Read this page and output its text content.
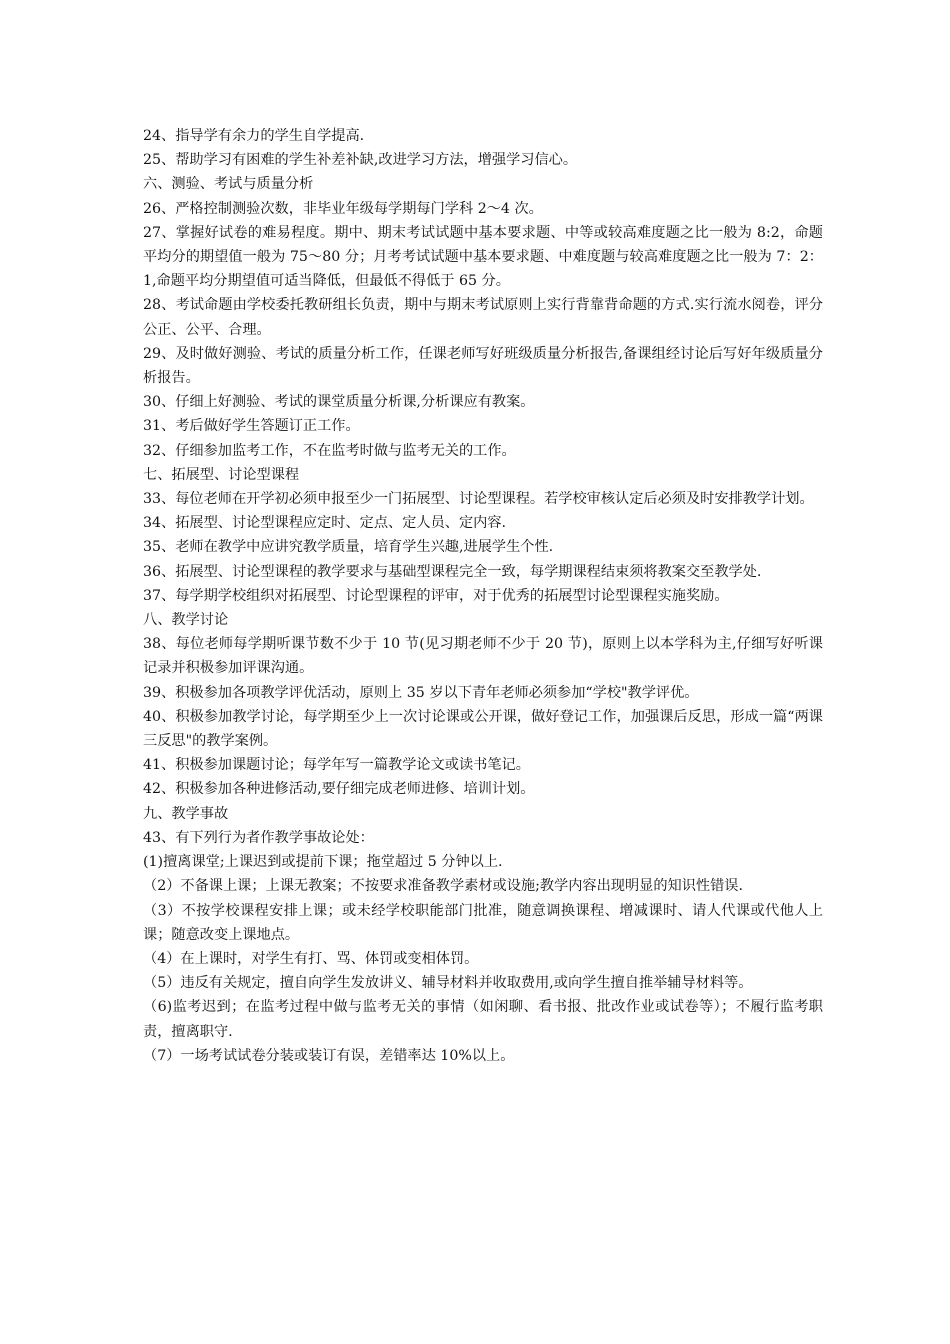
24、指导学有余力的学生自学提高.

25、帮助学习有困难的学生补差补缺,改进学习方法，增强学习信心。

六、测验、考试与质量分析

26、严格控制测验次数，非毕业年级每学期每门学科 2～4 次。

27、掌握好试卷的难易程度。期中、期末考试试题中基本要求题、中等或较高难度题之比一般为 8:2，命题平均分的期望值一般为 75～80 分；月考考试试题中基本要求题、中难度题与较高难度题之比一般为 7：2：1,命题平均分期望值可适当降低，但最低不得低于 65 分。

28、考试命题由学校委托教研组长负责，期中与期末考试原则上实行背靠背命题的方式.实行流水阅卷，评分公正、公平、合理。

29、及时做好测验、考试的质量分析工作，任课老师写好班级质量分析报告,备课组经讨论后写好年级质量分析报告。

30、仔细上好测验、考试的课堂质量分析课,分析课应有教案。

31、考后做好学生答题订正工作。

32、仔细参加监考工作，不在监考时做与监考无关的工作。

七、拓展型、讨论型课程

33、每位老师在开学初必须申报至少一门拓展型、讨论型课程。若学校审核认定后必须及时安排教学计划。

34、拓展型、讨论型课程应定时、定点、定人员、定内容.

35、老师在教学中应讲究教学质量，培育学生兴趣,进展学生个性.

36、拓展型、讨论型课程的教学要求与基础型课程完全一致，每学期课程结束须将教案交至教学处.

37、每学期学校组织对拓展型、讨论型课程的评审，对于优秀的拓展型讨论型课程实施奖励。

八、教学讨论

38、每位老师每学期听课节数不少于 10 节(见习期老师不少于 20 节)，原则上以本学科为主,仔细写好听课记录并积极参加评课沟通。

39、积极参加各项教学评优活动，原则上 35 岁以下青年老师必须参加“学校"教学评优。

40、积极参加教学讨论，每学期至少上一次讨论课或公开课，做好登记工作，加强课后反思，形成一篇“两课三反思"的教学案例。

41、积极参加课题讨论；每学年写一篇教学论文或读书笔记。

42、积极参加各种进修活动,要仔细完成老师进修、培训计划。

九、教学事故

43、有下列行为者作教学事故论处：

(1)擅离课堂;上课迟到或提前下课；拖堂超过 5 分钟以上.

（2）不备课上课；上课无教案；不按要求准备教学素材或设施;教学内容出现明显的知识性错误.

（3）不按学校课程安排上课；或未经学校职能部门批准，随意调换课程、增减课时、请人代课或代他人上课；随意改变上课地点。

（4）在上课时，对学生有打、骂、体罚或变相体罚。

（5）违反有关规定，擅自向学生发放讲义、辅导材料并收取费用,或向学生擅自推举辅导材料等。

（6)监考迟到；在监考过程中做与监考无关的事情（如闲聊、看书报、批改作业或试卷等）；不履行监考职责，擅离职守.

（7）一场考试试卷分装或装订有误，差错率达 10%以上。
